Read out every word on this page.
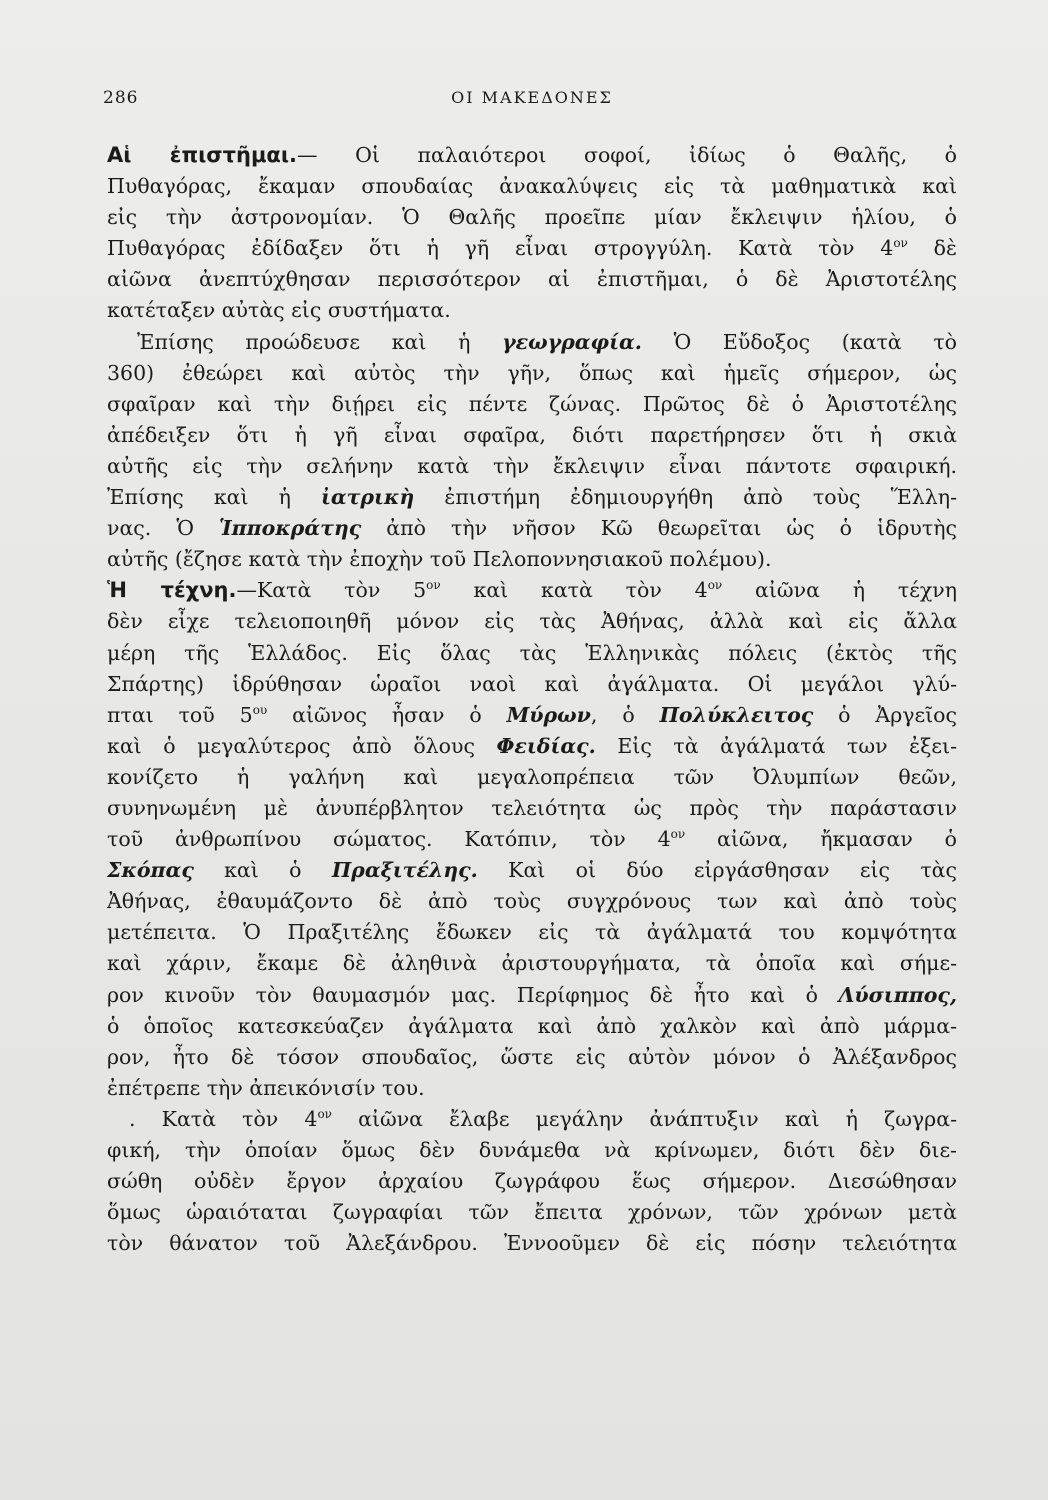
286	ΟΙ ΜΑΚΕΔΟΝΕΣ
Αἱ ἐπιστῆμαι.— Οἱ παλαιότεροι σοφοί, ἰδίως ὁ Θαλῆς, ὁ
Πυθαγόρας, ἔκαμαν σπουδαίας ἀνακαλύψεις εἰς τὰ μαθηματικὰ καὶ
εἰς τὴν ἀστρονομίαν. Ὁ Θαλῆς προεῖπε μίαν ἔκλειψιν ἡλίου, ὁ
Πυθαγόρας ἐδίδαξεν ὅτι ἡ γῆ εἶναι στρογγύλη. Κατὰ τὸν $4^{o\nu}$ δὲ
αἰῶνα ἀνεπτύχθησαν περισσότερον αἱ ἐπιστῆμαι, ὁ δὲ Ἀριστοτέλης
κατέταξεν αὐτὰς εἰς συστήματα.
Ἐπίσης προώδευσε καὶ ἡ γεωγραφία. Ὁ Εὔδοξος (κατὰ τὸ
360) ἐθεώρει καὶ αὐτὸς τὴν γῆν, ὅπως καὶ ἡμεῖς σήμερον, ὡς
σφαῖραν καὶ τὴν διῄρει εἰς πέντε ζώνας. Πρῶτος δὲ ὁ Ἀριστοτέλης
ἀπέδειξεν ὅτι ἡ γῆ εἶναι σφαῖρα, διότι παρετήρησεν ὅτι ἡ σκιὰ
αὐτῆς εἰς τὴν σελήνην κατὰ τὴν ἔκλειψιν εἶναι πάντοτε σφαιρική.
Ἐπίσης καὶ ἡ ἰατρικὴ ἐπιστήμη ἐδημιουργήθη ἀπὸ τοὺς Ἕλλη-
νας. Ὁ Ἱπποκράτης ἀπὸ τὴν νῆσον Κῶ θεωρεῖται ὡς ὁ ἱδρυτὴς
αὐτῆς (ἔζησε κατὰ τὴν ἐποχὴν τοῦ Πελοποννησιακοῦ πολέμου).
Ἡ τέχνη.—Κατὰ τὸν $5^{o\nu}$ καὶ κατὰ τὸν $4^{o\nu}$ αἰῶνα ἡ τέχνη
δὲν εἶχε τελειοποιηθῆ μόνον εἰς τὰς Ἀθήνας, ἀλλὰ καὶ εἰς ἄλλα
μέρη τῆς Ἑλλάδος. Εἰς ὅλας τὰς Ἑλληνικὰς πόλεις (ἐκτὸς τῆς
Σπάρτης) ἱδρύθησαν ὡραῖοι ναοὶ καὶ ἀγάλματα. Οἱ μεγάλοι γλύ-
πται τοῦ $5^{o\upsilon}$ αἰῶνος ἦσαν ὁ Μύρων, ὁ Πολύκλειτος ὁ Ἀργεῖος
καὶ ὁ μεγαλύτερος ἀπὸ ὅλους Φειδίας. Εἰς τὰ ἀγάλματά των ἐξει-
κονίζετο ἡ γαλήνη καὶ μεγαλοπρέπεια τῶν Ὀλυμπίων θεῶν,
συνηνωμένη μὲ ἀνυπέρβλητον τελειότητα ὡς πρὸς τὴν παράστασιν
τοῦ ἀνθρωπίνου σώματος. Κατόπιν, τὸν $4^{o\nu}$ αἰῶνα, ἤκμασαν ὁ
Σκόπας καὶ ὁ Πραξιτέλης. Καὶ οἱ δύο εἰργάσθησαν εἰς τὰς
Ἀθήνας, ἐθαυμάζοντο δὲ ἀπὸ τοὺς συγχρόνους των καὶ ἀπὸ τοὺς
μετέπειτα. Ὁ Πραξιτέλης ἔδωκεν εἰς τὰ ἀγάλματά του κομψότητα
καὶ χάριν, ἔκαμε δὲ ἀληθινὰ ἀριστουργήματα, τὰ ὁποῖα καὶ σήμε-
ρον κινοῦν τὸν θαυμασμόν μας. Περίφημος δὲ ἦτο καὶ ὁ Λύσιππος,
ὁ ὁποῖος κατεσκεύαζεν ἀγάλματα καὶ ἀπὸ χαλκὸν καὶ ἀπὸ μάρμα-
ρον, ἦτο δὲ τόσον σπουδαῖος, ὥστε εἰς αὐτὸν μόνον ὁ Ἀλέξανδρος
ἐπέτρεπε τὴν ἀπεικόνισίν του.
. Κατὰ τὸν $4^{o\nu}$ αἰῶνα ἔλαβε μεγάλην ἀνάπτυξιν καὶ ἡ ζωγρα-
φική, τὴν ὁποίαν ὅμως δὲν δυνάμεθα νὰ κρίνωμεν, διότι δὲν διε-
σώθη οὐδὲν ἔργον ἀρχαίου ζωγράφου ἕως σήμερον. Διεσώθησαν
ὅμως ὡραιόταται ζωγραφίαι τῶν ἔπειτα χρόνων, τῶν χρόνων μετὰ
τὸν θάνατον τοῦ Ἀλεξάνδρου. Ἐννοοῦμεν δὲ εἰς πόσην τελειότητα
